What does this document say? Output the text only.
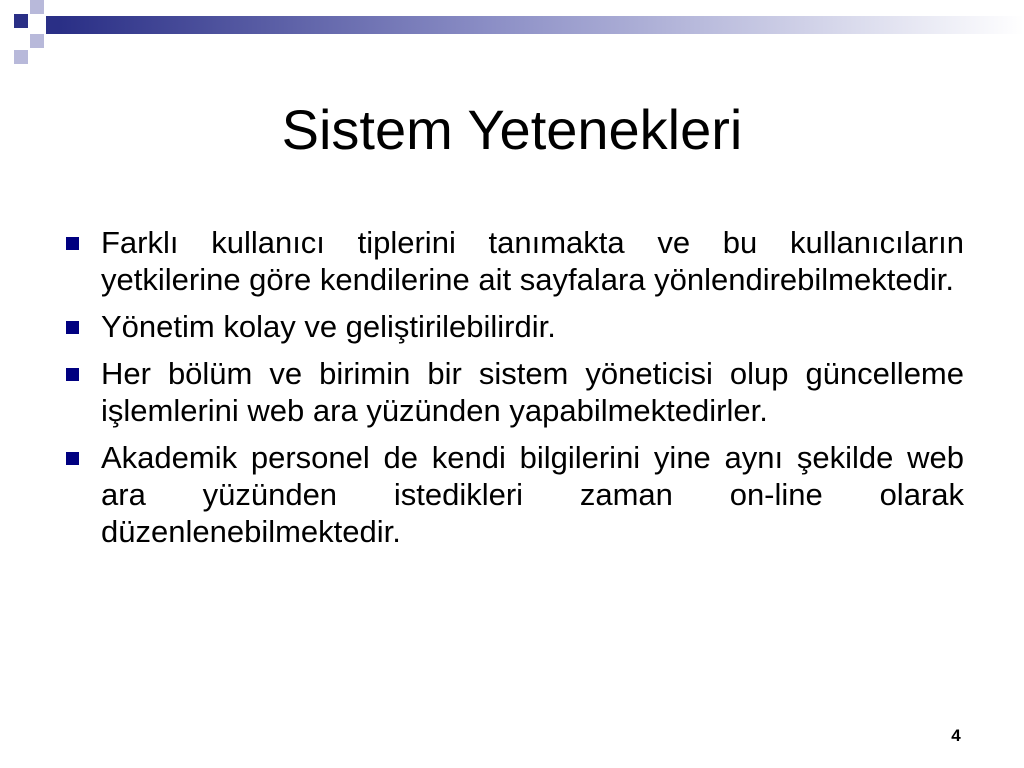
Sistem Yetenekleri
Farklı kullanıcı tiplerini tanımakta ve bu kullanıcıların yetkilerine göre kendilerine ait sayfalara yönlendirebilmektedir.
Yönetim kolay ve geliştirilebilirdir.
Her bölüm ve birimin bir sistem yöneticisi olup güncelleme işlemlerini web ara yüzünden yapabilmektedirler.
Akademik personel de kendi bilgilerini yine aynı şekilde web ara yüzünden istedikleri zaman on-line olarak düzenlenebilmektedir.
4
